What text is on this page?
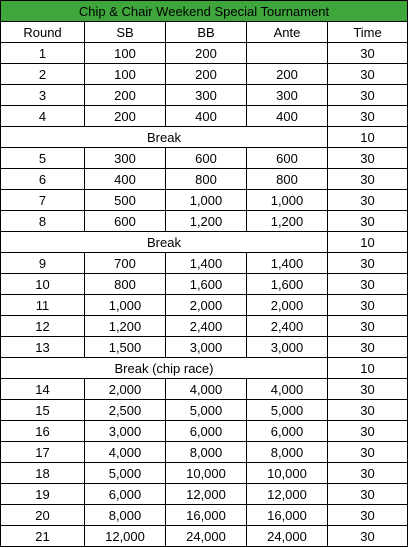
Chip & Chair Weekend Special Tournament				
Round	SB	BB	Ante	Time
1	100	200		30
2	100	200	200	30
3	200	300	300	30
4	200	400	400	30
Break				10
5	300	600	600	30
6	400	800	800	30
7	500	1,000	1,000	30
8	600	1,200	1,200	30
Break				10
9	700	1,400	1,400	30
10	800	1,600	1,600	30
11	1,000	2,000	2,000	30
12	1,200	2,400	2,400	30
13	1,500	3,000	3,000	30
Break (chip race)				10
14	2,000	4,000	4,000	30
15	2,500	5,000	5,000	30
16	3,000	6,000	6,000	30
17	4,000	8,000	8,000	30
18	5,000	10,000	10,000	30
19	6,000	12,000	12,000	30
20	8,000	16,000	16,000	30
21	12,000	24,000	24,000	30
